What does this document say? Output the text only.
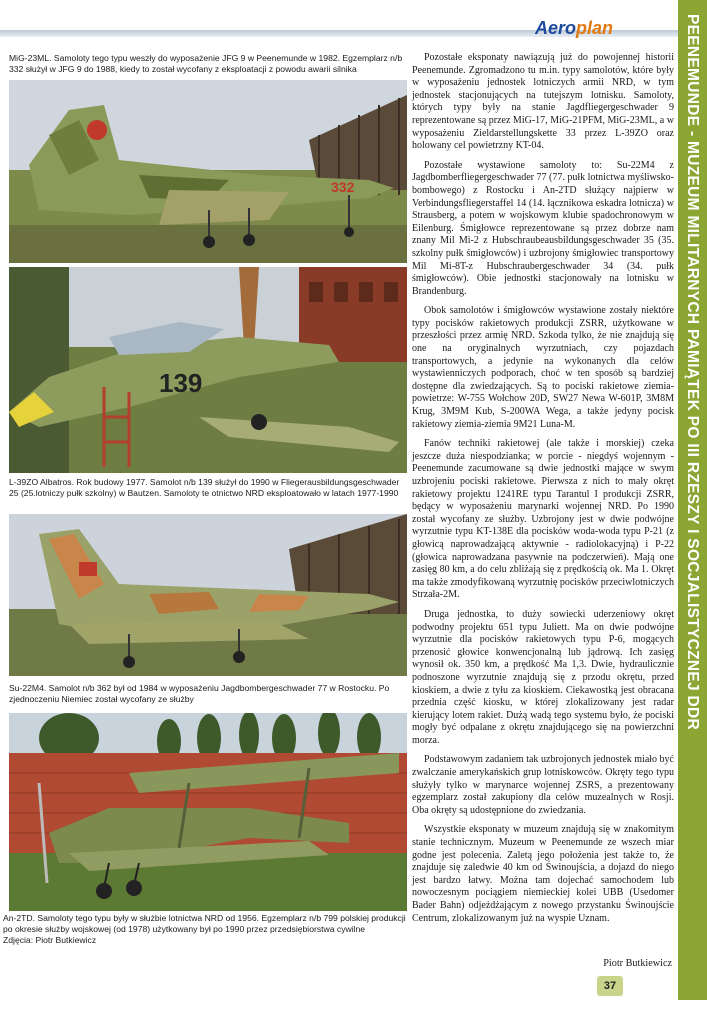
Aeroplan	PEENEMUNDE - MUZEUM MILITARNYCH PAMIĄTEK PO III RZESZY I SOCJALISTYCZNEJ DDR
MiG-23ML. Samoloty tego typu weszły do wyposażenie JFG 9 w Peenemunde w 1982. Egzemplarz n/b 332 służył w JFG 9 do 1988, kiedy to został wycofany z eksploatacji z powodu awarii silnika
332
139
L-39ZO Albatros. Rok budowy 1977. Samolot n/b 139 służył do 1990 w Fliegerausbildungsgeschwader 25 (25.lotniczy pułk szkolny) w Bautzen. Samoloty te otnictwo NRD eksploatowało w latach 1977-1990
Su-22M4. Samolot n/b 362 był od 1984 w wyposażeniu Jagdbombergeschwader 77 w Rostocku. Po zjednoczeniu Niemiec został wycofany ze służby
An-2TD. Samoloty tego typu były w służbie lotnictwa NRD od 1956. Egzemplarz n/b 799 polskiej produkcji po okresie służby wojskowej (od 1978) użytkowany był po 1990 przez przedsiębiorstwa cywilne
Zdjęcia: Piotr Butkiewicz

Pozostałe eksponaty nawiązują już do powojennej historii Peenemunde. Zgromadzono tu m.in. typy samolotów, które były w wyposażeniu jednostek lotniczych armii NRD, w tym jednostek stacjonujących na tutejszym lotnisku. Samoloty, których typy były na stanie Jagdfliegergeschwader 9 reprezentowane są przez MiG-17, MiG-21PFM, MiG-23ML, a w wyposażeniu Zieldarstellungskette 33 przez L-39ZO oraz holowany cel powietrzny KT-04.

Pozostałe wystawione samoloty to: Su-22M4 z Jagdbomberfliegergeschwader 77 (77. pułk lotnictwa myśliwsko-bombowego) z Rostocku i An-2TD służący najpierw w Verbindungsfliegerstaffel 14 (14. łącznikowa eskadra lotnicza) w Strausberg, a potem w wojskowym klubie spadochronowym w Eilenburg. Śmigłowce reprezentowane są przez dobrze nam znany Mil Mi-2 z Hubschraubeausbildungsgeschwader 35 (35. szkolny pułk śmigłowców) i uzbrojony śmigłowiec transportowy Mil Mi-8T-z Hubschraubergeschwader 34 (34. pułk śmigłowców). Obie jednostki stacjonowały na lotnisku w Brandenburg.

Obok samolotów i śmigłowców wystawione zostały niektóre typy pocisków rakietowych produkcji ZSRR, użytkowane w przeszłości przez armię NRD. Szkoda tylko, że nie znajdują się one na oryginalnych wyrzutniach, czy pojazdach transportowych, a jedynie na wykonanych dla celów wystawienniczych podporach, choć w ten sposób są bardziej dostępne dla zwiedzających. Są to pociski rakietowe ziemia-powietrze: W-755 Wołchow 20D, SW27 Newa W-601P, 3M8M Krug, 3M9M Kub, S-200WA Wega, a także jedyny pocisk rakietowy ziemia-ziemia 9M21 Luna-M.

Fanów techniki rakietowej (ale także i morskiej) czeka jeszcze duża niespodzianka; w porcie - niegdyś wojennym - Peenemunde zacumowane są dwie jednostki mające w swym uzbrojeniu pociski rakietowe. Pierwsza z nich to mały okręt rakietowy projektu 1241RE typu Tarantul I produkcji ZSRR, będący w wyposażeniu marynarki wojennej NRD. Po 1990 został wycofany ze służby. Uzbrojony jest w dwie podwójne wyrzutnie typu KT-138E dla pocisków woda-woda typu P-21 (z głowicą naprowadzającą aktywnie - radiolokacyjną) i P-22 (głowica naprowadzana pasywnie na podczerwień). Mają one zasięg 80 km, a do celu zbliżają się z prędkością ok. Ma 1. Okręt ma także zmodyfikowaną wyrzutnię pocisków przeciwlotniczych Strzała-2M.

Druga jednostka, to duży sowiecki uderzeniowy okręt podwodny projektu 651 typu Juliett. Ma on dwie podwójne wyrzutnie dla pocisków rakietowych typu P-6, mogących przenosić głowice konwencjonalną lub jądrową. Ich zasięg wynosił ok. 350 km, a prędkość Ma 1,3. Dwie, hydraulicznie podnoszone wyrzutnie znajdują się z przodu okrętu, przed kioskiem, a dwie z tyłu za kioskiem. Ciekawostką jest obracana przednia część kiosku, w której zlokalizowany jest radar kierujący lotem rakiet. Dużą wadą tego systemu było, że pociski mogły być odpalane z okrętu znajdującego się na powierzchni morza.

Podstawowym zadaniem tak uzbrojonych jednostek miało być zwalczanie amerykańskich grup lotniskowców. Okręty tego typu służyły tylko w marynarce wojennej ZSRS, a prezentowany egzemplarz został zakupiony dla celów muzealnych w Rosji. Oba okręty są udostępnione do zwiedzania.

Wszystkie eksponaty w muzeum znajdują się w znakomitym stanie technicznym. Muzeum w Peenemunde ze wszech miar godne jest polecenia. Zaletą jego położenia jest także to, że znajduje się zaledwie 40 km od Świnoujścia, a dojazd do niego jest bardzo łatwy. Można tam dojechać samochodem lub nowoczesnym pociągiem niemieckiej kolei UBB (Usedomer Bader Bahn) odjeżdżającym z nowego przystanku Świnoujście Centrum, zlokalizowanym już na wyspie Uznam.

Piotr Butkiewicz
37
